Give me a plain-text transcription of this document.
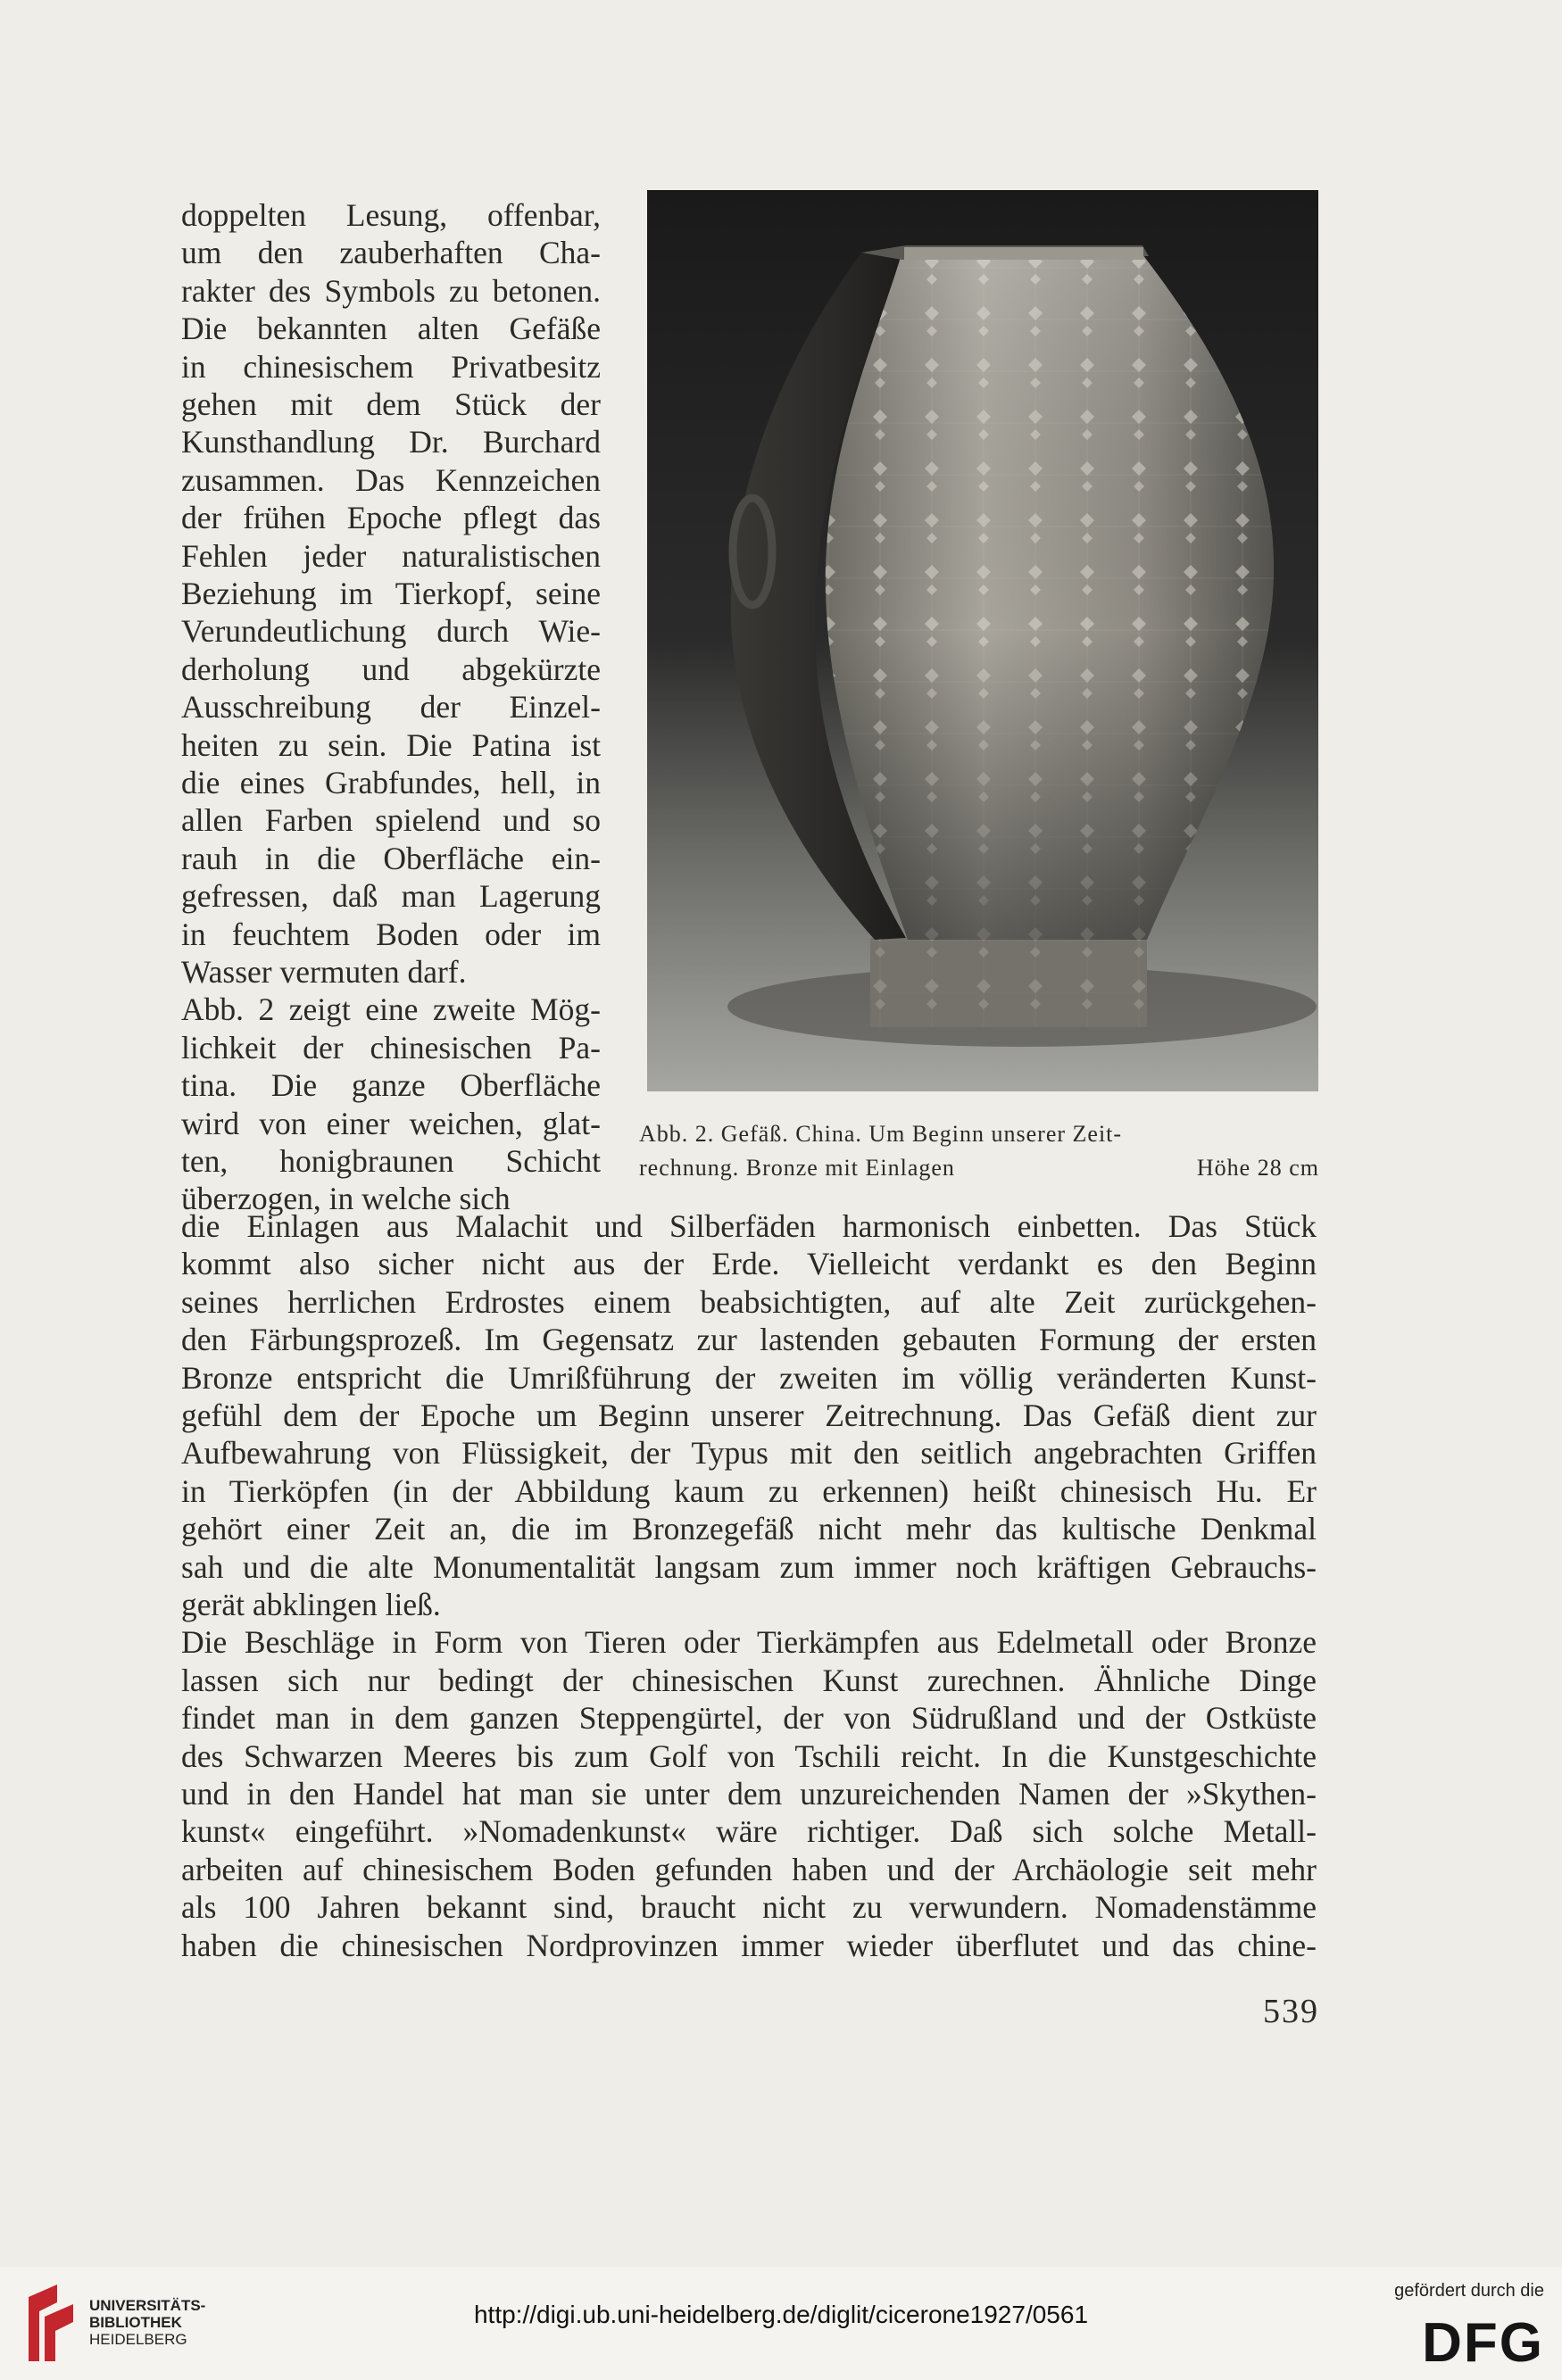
doppelten Lesung, offenbar,
um den zauberhaften Cha-
rakter des Symbols zu betonen.
Die bekannten alten Gefäße
in chinesischem Privatbesitz
gehen mit dem Stück der
Kunsthandlung Dr. Burchard
zusammen. Das Kennzeichen
der frühen Epoche pflegt das
Fehlen jeder naturalistischen
Beziehung im Tierkopf, seine
Verundeutlichung durch Wie-
derholung und abgekürzte
Ausschreibung der Einzel-
heiten zu sein. Die Patina ist
die eines Grabfundes, hell, in
allen Farben spielend und so
rauh in die Oberfläche ein-
gefressen, daß man Lagerung
in feuchtem Boden oder im
Wasser vermuten darf.
Abb. 2 zeigt eine zweite Mög-
lichkeit der chinesischen Pa-
tina. Die ganze Oberfläche
wird von einer weichen, glat-
ten, honigbraunen Schicht
überzogen, in welche sich
Abb. 2. Gefäß. China. Um Beginn unserer Zeit-
rechnung. Bronze mit Einlagen	Höhe 28 cm
die Einlagen aus Malachit und Silberfäden harmonisch einbetten. Das Stück
kommt also sicher nicht aus der Erde. Vielleicht verdankt es den Beginn
seines herrlichen Erdrostes einem beabsichtigten, auf alte Zeit zurückgehen-
den Färbungsprozeß. Im Gegensatz zur lastenden gebauten Formung der ersten
Bronze entspricht die Umrißführung der zweiten im völlig veränderten Kunst-
gefühl dem der Epoche um Beginn unserer Zeitrechnung. Das Gefäß dient zur
Aufbewahrung von Flüssigkeit, der Typus mit den seitlich angebrachten Griffen
in Tierköpfen (in der Abbildung kaum zu erkennen) heißt chinesisch Hu. Er
gehört einer Zeit an, die im Bronzegefäß nicht mehr das kultische Denkmal
sah und die alte Monumentalität langsam zum immer noch kräftigen Gebrauchs-
gerät abklingen ließ.
Die Beschläge in Form von Tieren oder Tierkämpfen aus Edelmetall oder Bronze
lassen sich nur bedingt der chinesischen Kunst zurechnen. Ähnliche Dinge
findet man in dem ganzen Steppengürtel, der von Südrußland und der Ostküste
des Schwarzen Meeres bis zum Golf von Tschili reicht. In die Kunstgeschichte
und in den Handel hat man sie unter dem unzureichenden Namen der »Skythen-
kunst« eingeführt. »Nomadenkunst« wäre richtiger. Daß sich solche Metall-
arbeiten auf chinesischem Boden gefunden haben und der Archäologie seit mehr
als 100 Jahren bekannt sind, braucht nicht zu verwundern. Nomadenstämme
haben die chinesischen Nordprovinzen immer wieder überflutet und das chine-
539
UNIVERSITÄTS-
BIBLIOTHEK
HEIDELBERG
http://digi.ub.uni-heidelberg.de/diglit/cicerone1927/0561
gefördert durch die
DFG
